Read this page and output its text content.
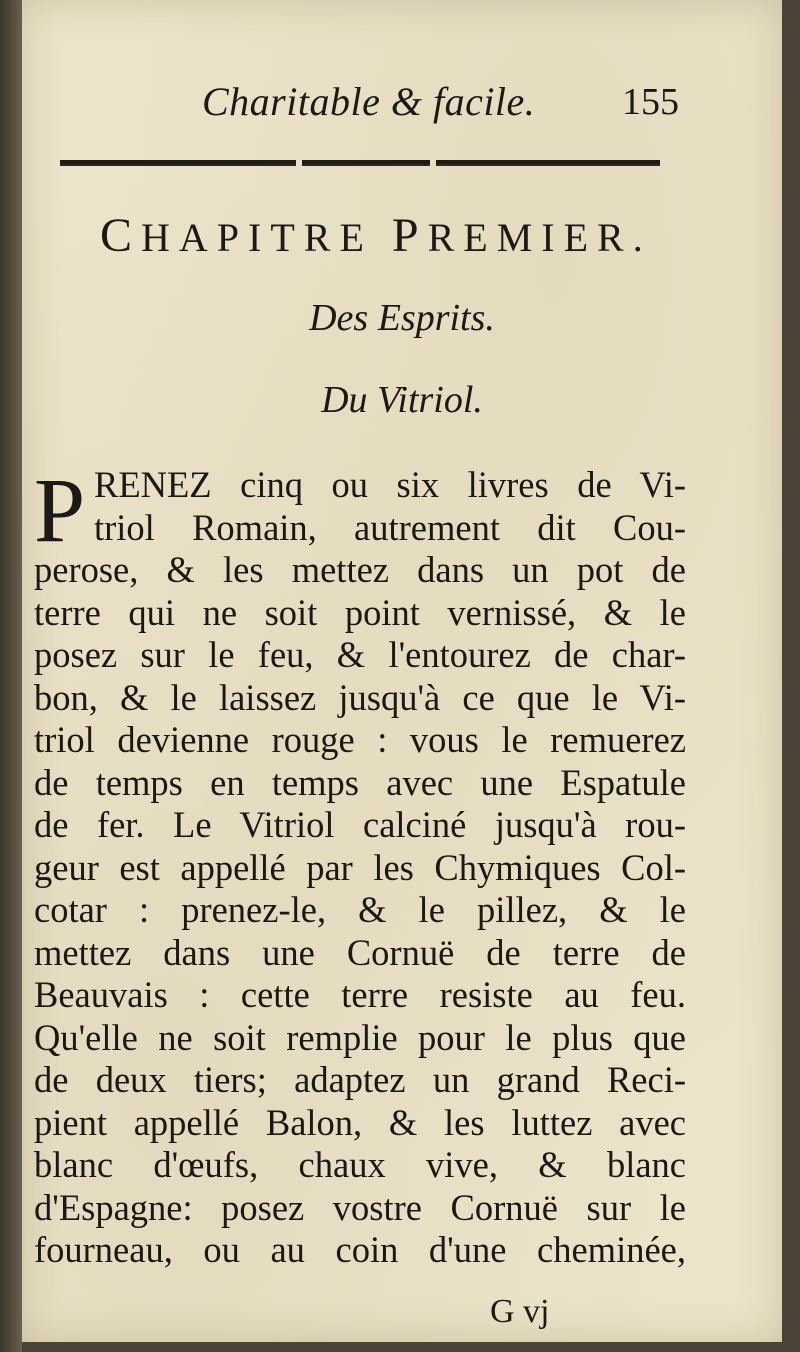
Charitable & facile. 155
CHAPITRE PREMIER.
Des Esprits.
Du Vitriol.
P RENEZ cinq ou six livres de Vi-
triol Romain, autrement dit Cou-
perose, & les mettez dans un pot de
terre qui ne soit point vernissé, & le
posez sur le feu, & l'entourez de char-
bon, & le laissez jusqu'à ce que le Vi-
triol devienne rouge : vous le remuerez
de temps en temps avec une Espatule
de fer. Le Vitriol calciné jusqu'à rou-
geur est appellé par les Chymiques Col-
cotar : prenez-le, & le pillez, & le
mettez dans une Cornuë de terre de
Beauvais : cette terre resiste au feu.
Qu'elle ne soit remplie pour le plus que
de deux tiers; adaptez un grand Reci-
pient appellé Balon, & les luttez avec
blanc d'œufs, chaux vive, & blanc
d'Espagne: posez vostre Cornuë sur le
fourneau, ou au coin d'une cheminée,
G vj
